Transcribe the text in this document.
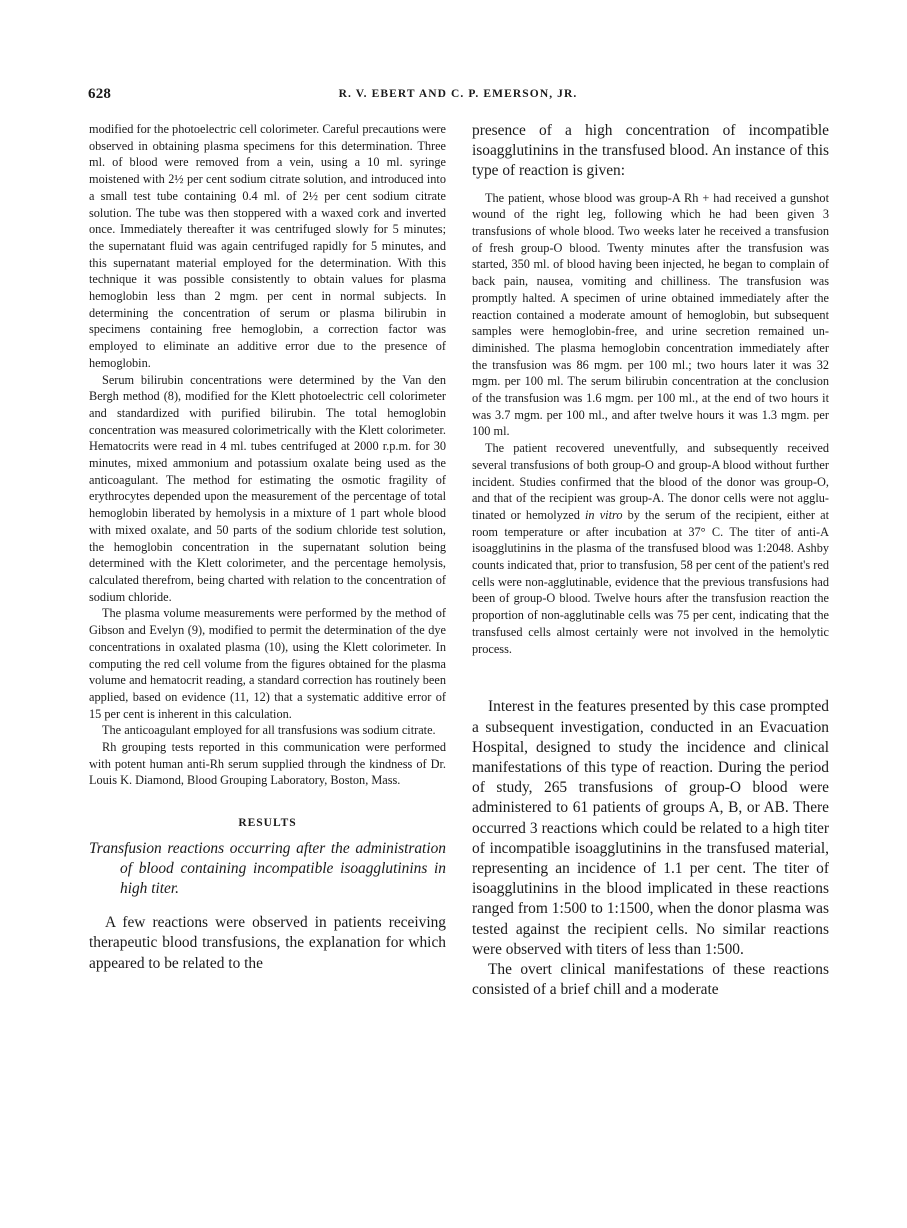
628	R. V. EBERT AND C. P. EMERSON, JR.

modified for the photoelectric cell colorimeter. Careful precautions were observed in obtaining plasma specimens for this determination. Three ml. of blood were removed from a vein, using a 10 ml. syringe moistened with 2½ per cent sodium citrate solution, and introduced into a small test tube containing 0.4 ml. of 2½ per cent sodium citrate solution. The tube was then stoppered with a waxed cork and inverted once. Immediately thereafter it was centrifuged slowly for 5 minutes; the supernatant fluid was again centrifuged rapidly for 5 minutes, and this supernatant material employed for the determination. With this technique it was possible consistently to obtain values for plasma hemoglobin less than 2 mgm. per cent in normal subjects. In determining the concentration of serum or plasma bilirubin in specimens containing free hemoglobin, a correction factor was employed to eliminate an additive error due to the presence of hemoglobin.

Serum bilirubin concentrations were determined by the Van den Bergh method (8), modified for the Klett photoelectric cell colorimeter and standardized with purified bilirubin. The total hemoglobin concentration was measured colorimetrically with the Klett colorimeter. Hematocrits were read in 4 ml. tubes centrifuged at 2000 r.p.m. for 30 minutes, mixed ammonium and potassium oxalate being used as the anticoagulant. The method for estimating the osmotic fragility of erythrocytes depended upon the measurement of the percentage of total hemoglobin liberated by hemolysis in a mixture of 1 part whole blood with mixed oxalate, and 50 parts of the sodium chloride test solution, the hemoglobin concentration in the supernatant solution being determined with the Klett colorimeter, and the percentage hemolysis, calculated therefrom, being charted with relation to the concentration of sodium chloride.

The plasma volume measurements were performed by the method of Gibson and Evelyn (9), modified to permit the determination of the dye concentrations in oxalated plasma (10), using the Klett colorimeter. In computing the red cell volume from the figures obtained for the plasma volume and hematocrit reading, a standard correction has routinely been applied, based on evidence (11, 12) that a systematic additive error of 15 per cent is inherent in this calculation.

The anticoagulant employed for all transfusions was sodium citrate.

Rh grouping tests reported in this communication were performed with potent human anti-Rh serum supplied through the kindness of Dr. Louis K. Diamond, Blood Grouping Laboratory, Boston, Mass.

RESULTS

Transfusion reactions occurring after the administration of blood containing incompatible isoagglutinins in high titer.

A few reactions were observed in patients receiving therapeutic blood transfusions, the explanation for which appeared to be related to the

presence of a high concentration of incompatible isoagglutinins in the transfused blood. An instance of this type of reaction is given:

The patient, whose blood was group-A Rh + had received a gunshot wound of the right leg, following which he had been given 3 transfusions of whole blood. Two weeks later he received a transfusion of fresh group-O blood. Twenty minutes after the transfusion was started, 350 ml. of blood having been injected, he began to complain of back pain, nausea, vomiting and chilliness. The transfusion was promptly halted. A specimen of urine obtained immediately after the reaction contained a moderate amount of hemoglobin, but subsequent samples were hemoglobin-free, and urine secretion remained undiminished. The plasma hemoglobin concentration immediately after the transfusion was 86 mgm. per 100 ml.; two hours later it was 32 mgm. per 100 ml. The serum bilirubin concentration at the conclusion of the transfusion was 1.6 mgm. per 100 ml., at the end of two hours it was 3.7 mgm. per 100 ml., and after twelve hours it was 1.3 mgm. per 100 ml.

The patient recovered uneventfully, and subsequently received several transfusions of both group-O and group-A blood without further incident. Studies confirmed that the blood of the donor was group-O, and that of the recipient was group-A. The donor cells were not agglutinated or hemolyzed in vitro by the serum of the recipient, either at room temperature or after incubation at 37° C. The titer of anti-A isoagglutinins in the plasma of the transfused blood was 1:2048. Ashby counts indicated that, prior to transfusion, 58 per cent of the patient's red cells were non-agglutinable, evidence that the previous transfusions had been of group-O blood. Twelve hours after the transfusion reaction the proportion of non-agglutinable cells was 75 per cent, indicating that the transfused cells almost certainly were not involved in the hemolytic process.

Interest in the features presented by this case prompted a subsequent investigation, conducted in an Evacuation Hospital, designed to study the incidence and clinical manifestations of this type of reaction. During the period of study, 265 transfusions of group-O blood were administered to 61 patients of groups A, B, or AB. There occurred 3 reactions which could be related to a high titer of incompatible isoagglutinins in the transfused material, representing an incidence of 1.1 per cent. The titer of isoagglutinins in the blood implicated in these reactions ranged from 1:500 to 1:1500, when the donor plasma was tested against the recipient cells. No similar reactions were observed with titers of less than 1:500.

The overt clinical manifestations of these reactions consisted of a brief chill and a moderate
